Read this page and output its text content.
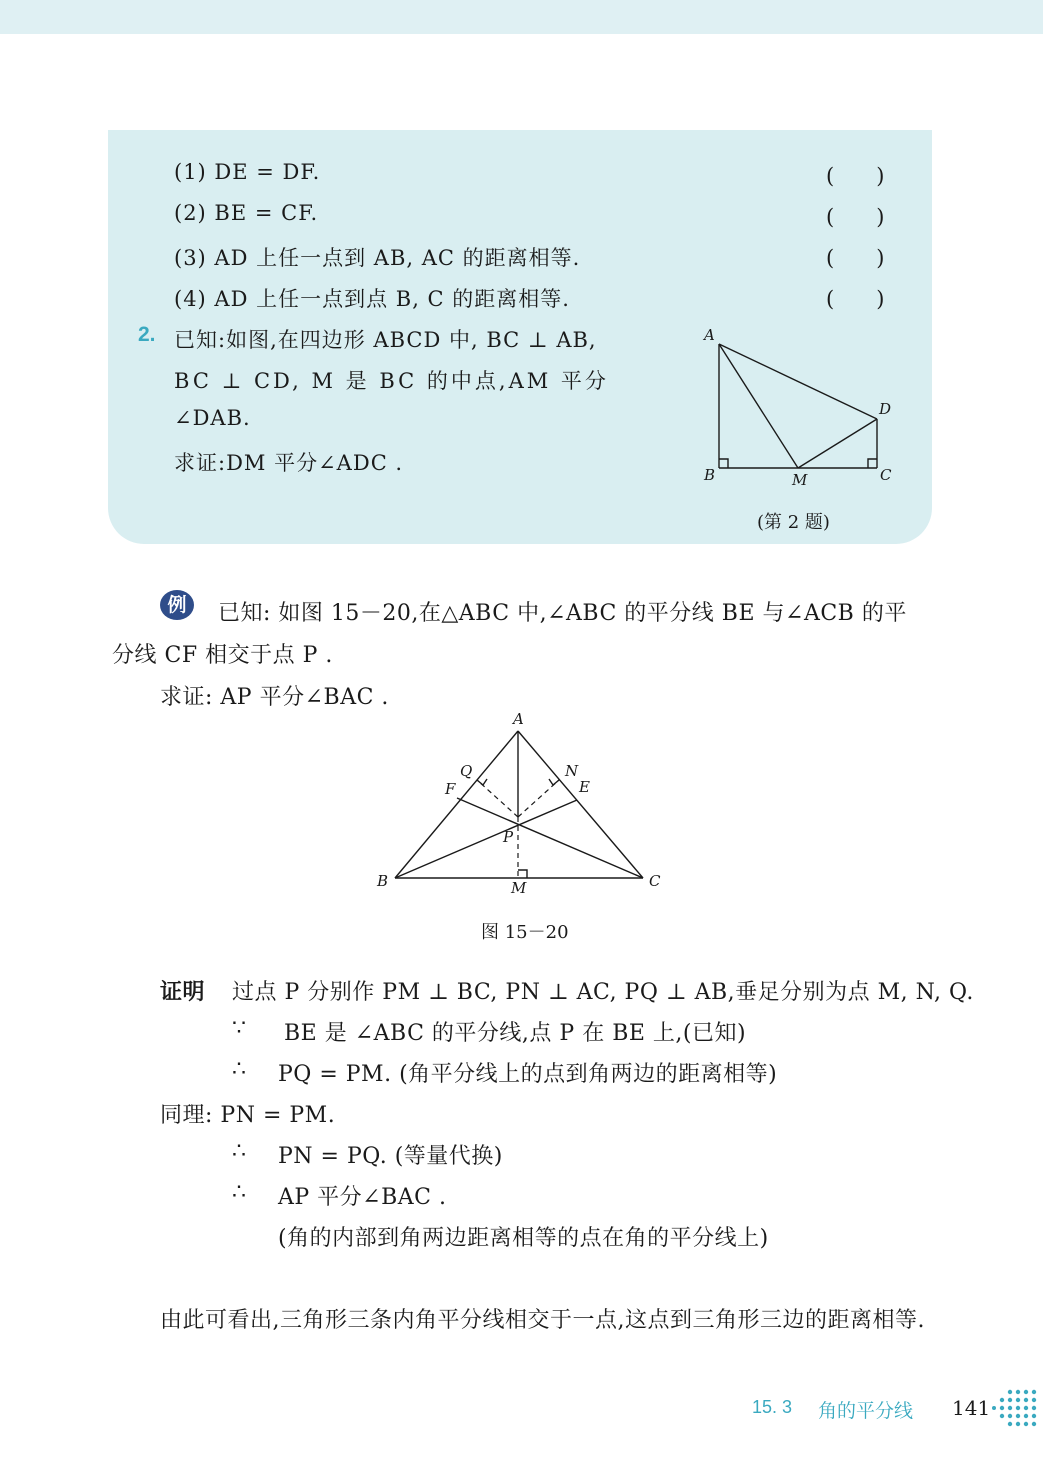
(1) DE = DF.	(　　)
(2) BE = CF.	(　　)
(3) AD 上任一点到 AB, AC 的距离相等.	(　　)
(4) AD 上任一点到点 B, C 的距离相等.	(　　)
2. 已知:如图,在四边形 ABCD 中, BC ⊥ AB,
BC ⊥ CD, M 是 BC 的中点,AM 平分
∠DAB.
求证:DM 平分∠ADC .
A
B	C
D
M
(第 2 题)
例	已知: 如图 15－20,在△ABC 中,∠ABC 的平分线 BE 与∠ACB 的平
分线 CF 相交于点 P .
求证: AP 平分∠BAC .
A
B	C
E
F
M
N
P
Q
图 15－20
证明 过点 P 分别作 PM ⊥ BC, PN ⊥ AC, PQ ⊥ AB,垂足分别为点 M, N, Q.
∵ BE 是 ∠ABC 的平分线,点 P 在 BE 上,(已知)
∴ PQ = PM. (角平分线上的点到角两边的距离相等)
同理: PN = PM.
∴ PN = PQ. (等量代换)
∴ AP 平分∠BAC .
(角的内部到角两边距离相等的点在角的平分线上)
由此可看出,三角形三条内角平分线相交于一点,这点到三角形三边的距离相等.
15. 3 角的平分线 141
